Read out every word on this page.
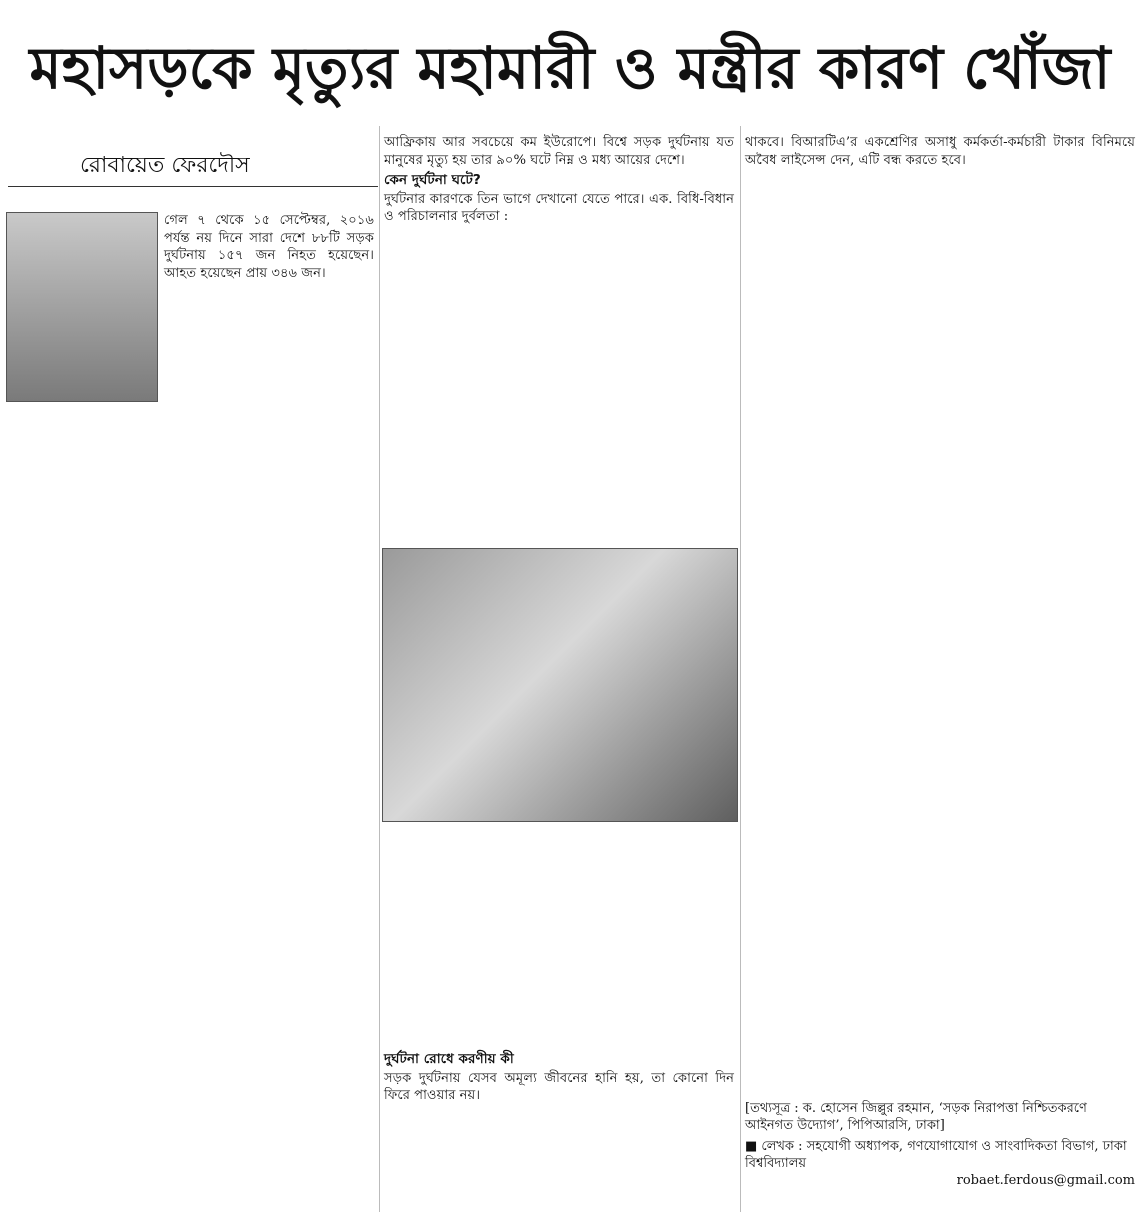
মহাসড়কে মৃত্যুর মহামারী ও মন্ত্রীর কারণ খোঁজা
রোবায়েত ফেরদৌস

গেল ৭ থেকে ১৫ সেপ্টেম্বর, ২০১৬ পর্যন্ত নয় দিনে সারা দেশে ৮৮টি সড়ক দুর্ঘটনায় ১৫৭ জন নিহত হয়েছেন। আহত হয়েছেন প্রায় ৩৪৬ জন।

আফ্রিকায় আর সবচেয়ে কম ইউরোপে। বিশ্বে সড়ক দুর্ঘটনায় যত মানুষের মৃত্যু হয় তার ৯০% ঘটে নিম্ন ও মধ্য আয়ের দেশে।

কেন দুর্ঘটনা ঘটে?

দুর্ঘটনার কারণকে তিন ভাগে দেখানো যেতে পারে। এক. বিধি-বিধান ও পরিচালনার দুর্বলতা :

দুর্ঘটনা রোধে করণীয় কী

সড়ক দুর্ঘটনায় যেসব অমূল্য জীবনের হানি হয়, তা কোনো দিন ফিরে পাওয়ার নয়।

থাকবে। বিআরটিএ’র একশ্রেণির অসাধু কর্মকর্তা-কর্মচারী টাকার বিনিময়ে অবৈধ লাইসেন্স দেন, এটি বন্ধ করতে হবে।

[তথ্যসূত্র : ক. হোসেন জিল্লুর রহমান, ‘সড়ক নিরাপত্তা নিশ্চিতকরণে আইনগত উদ্যোগ’, পিপিআরসি, ঢাকা]

■ লেখক : সহযোগী অধ্যাপক, গণযোগাযোগ ও সাংবাদিকতা বিভাগ, ঢাকা বিশ্ববিদ্যালয়

robaet.ferdous@gmail.com
